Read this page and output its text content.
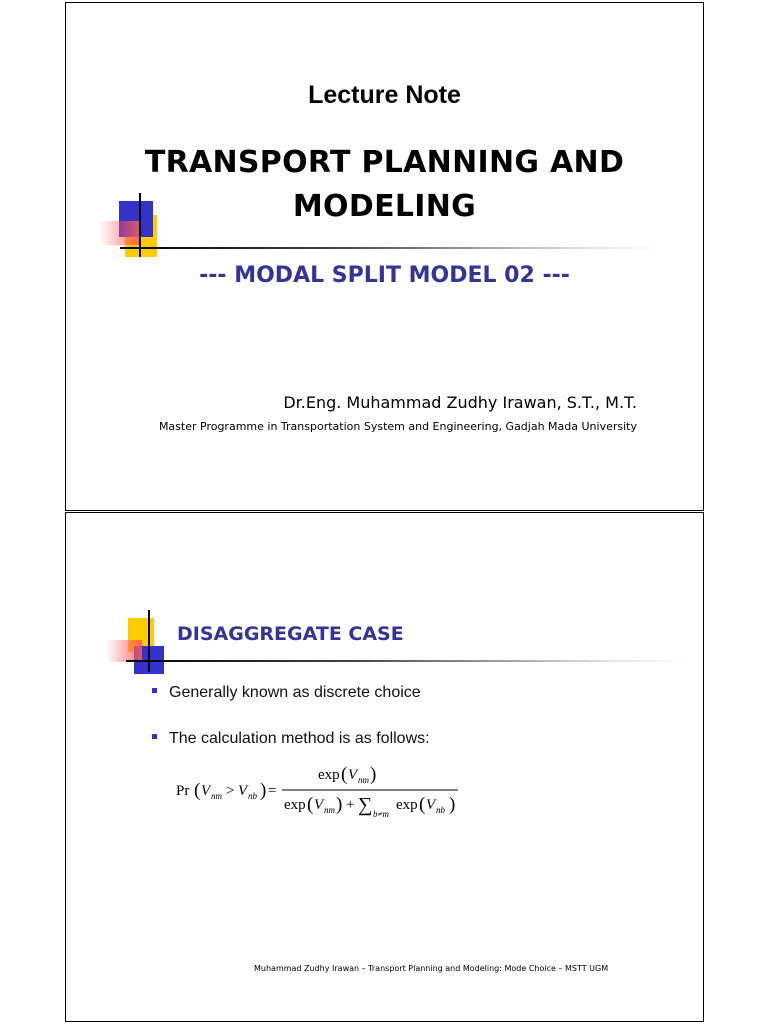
Lecture Note
TRANSPORT PLANNING AND
MODELING
--- MODAL SPLIT MODEL 02 ---
Dr.Eng. Muhammad Zudhy Irawan, S.T., M.T.
Master Programme in Transportation System and Engineering, Gadjah Mada University
DISAGGREGATE CASE
Generally known as discrete choice
The calculation method is as follows:
Pr ( V nm > V nb ) =
exp ( V nm )
exp ( V nm ) + ∑ b≠m
exp ( V nb )
Muhammad Zudhy Irawan – Transport Planning and Modeling: Mode Choice – MSTT UGM
